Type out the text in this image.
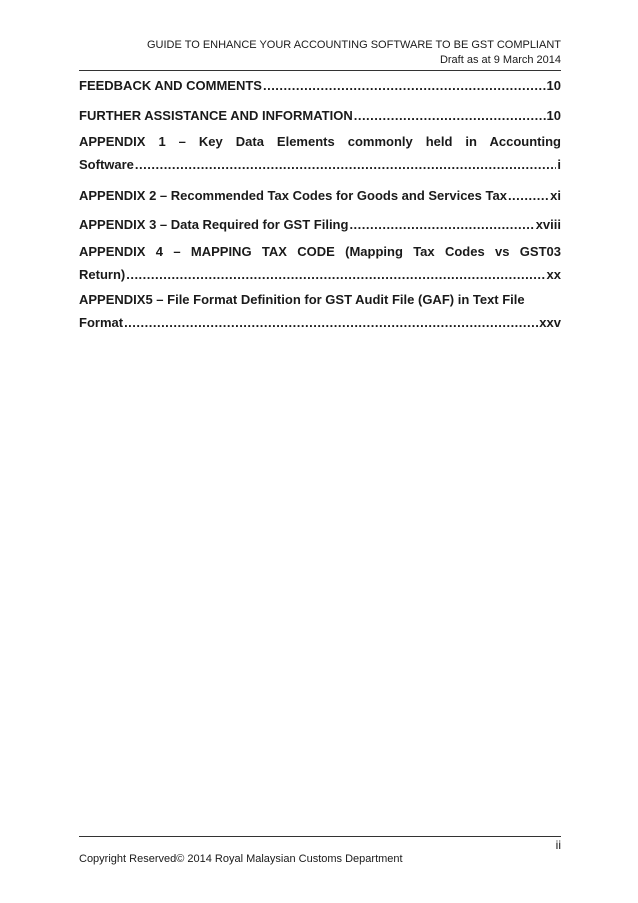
GUIDE TO ENHANCE YOUR ACCOUNTING SOFTWARE TO BE GST COMPLIANT
Draft as at 9 March 2014
FEEDBACK AND COMMENTS .....	10
FURTHER ASSISTANCE AND INFORMATION .....	10
APPENDIX 1 – Key Data Elements commonly held in Accounting
Software .....	i
APPENDIX 2 – Recommended Tax Codes for Goods and Services Tax .....	xi
APPENDIX 3 – Data Required for GST Filing .....	xviii
APPENDIX 4 – MAPPING TAX CODE (Mapping Tax Codes vs GST03
Return) .....	xx
APPENDIX5 – File Format Definition for GST Audit File (GAF) in Text File
Format .....	xxv
ii
Copyright Reserved© 2014 Royal Malaysian Customs Department
